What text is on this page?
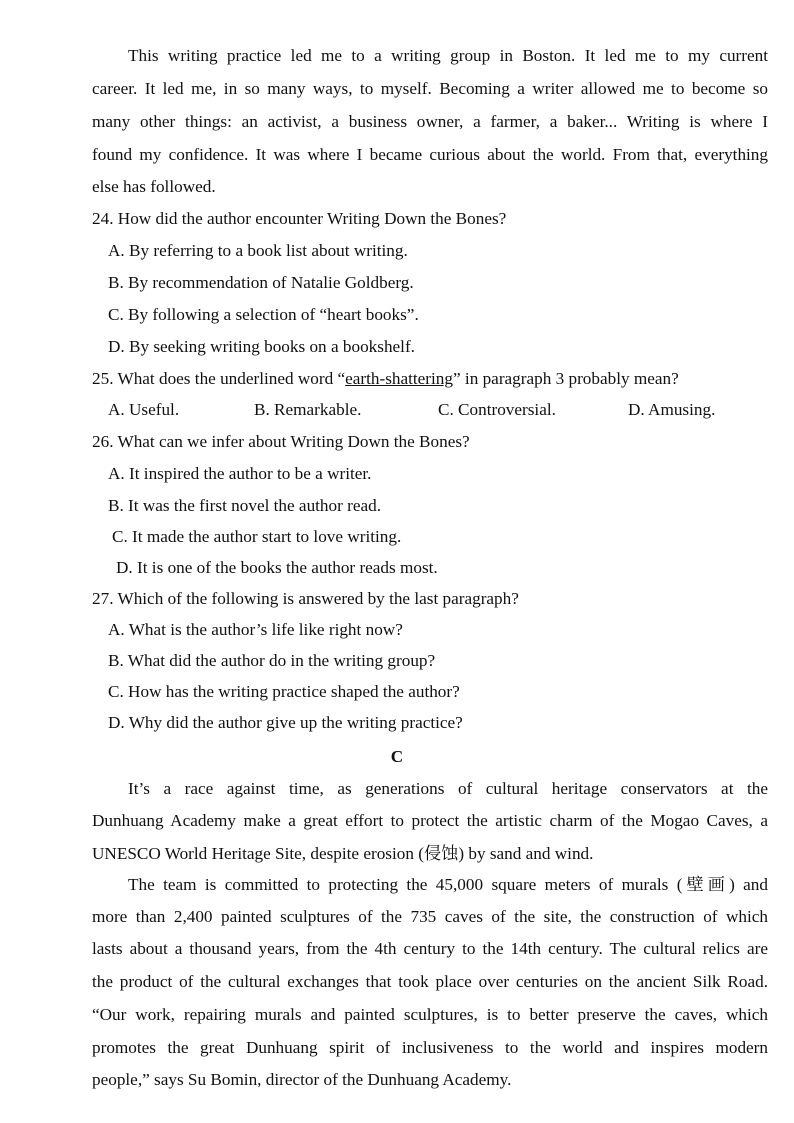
This writing practice led me to a writing group in Boston. It led me to my current
career. It led me, in so many ways, to myself. Becoming a writer allowed me to become so
many other things: an activist, a business owner, a farmer, a baker... Writing is where I
found my confidence. It was where I became curious about the world. From that, everything
else has followed.
24. How did the author encounter Writing Down the Bones?
A. By referring to a book list about writing.
B. By recommendation of Natalie Goldberg.
C. By following a selection of “heart books”.
D. By seeking writing books on a bookshelf.
25. What does the underlined word “earth-shattering” in paragraph 3 probably mean?
A. Useful.	B. Remarkable.	C. Controversial.	D. Amusing.
26. What can we infer about Writing Down the Bones?
A. It inspired the author to be a writer.
B. It was the first novel the author read.
C. It made the author start to love writing.
D. It is one of the books the author reads most.
27. Which of the following is answered by the last paragraph?
A. What is the author’s life like right now?
B. What did the author do in the writing group?
C. How has the writing practice shaped the author?
D. Why did the author give up the writing practice?
C
It’s a race against time, as generations of cultural heritage conservators at the
Dunhuang Academy make a great effort to protect the artistic charm of the Mogao Caves, a
UNESCO World Heritage Site, despite erosion (侵蚀) by sand and wind.
The team is committed to protecting the 45,000 square meters of murals (壁画) and
more than 2,400 painted sculptures of the 735 caves of the site, the construction of which
lasts about a thousand years, from the 4th century to the 14th century. The cultural relics are
the product of the cultural exchanges that took place over centuries on the ancient Silk Road.
“Our work, repairing murals and painted sculptures, is to better preserve the caves, which
promotes the great Dunhuang spirit of inclusiveness to the world and inspires modern
people,” says Su Bomin, director of the Dunhuang Academy.
